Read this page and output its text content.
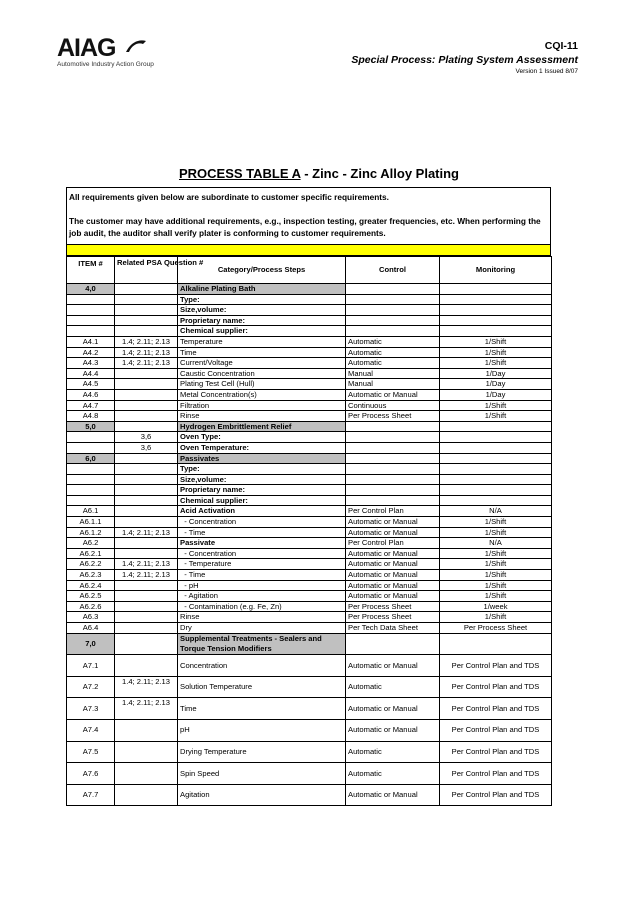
AIAG
Automotive Industry Action Group
CQI-11
Special Process: Plating System Assessment
Version 1 Issued 8/07
PROCESS TABLE A - Zinc - Zinc Alloy Plating

All requirements given below are subordinate to customer specific requirements.

The customer may have additional requirements, e.g., inspection testing, greater frequencies, etc. When performing the job audit, the auditor shall verify plater is conforming to customer requirements.

ITEM #	Related PSA Question #	Category/Process Steps	Control	Monitoring
4,0		Alkaline Plating Bath		
		Type:		
		Size,volume:		
		Proprietary name:		
		Chemical supplier:		
A4.1	1.4; 2.11; 2.13	Temperature	Automatic	1/Shift
A4.2	1.4; 2.11; 2.13	Time	Automatic	1/Shift
A4.3	1.4; 2.11; 2.13	Current/Voltage	Automatic	1/Shift
A4.4		Caustic Concentration	Manual	1/Day
A4.5		Plating Test Cell (Hull)	Manual	1/Day
A4.6		Metal Concentration(s)	Automatic or Manual	1/Day
A4.7		Filtration	Continuous	1/Shift
A4.8		Rinse	Per Process Sheet	1/Shift
5,0		Hydrogen Embrittlement Relief		
	3,6	Oven Type:		
	3,6	Oven Temperature:		
6,0		Passivates		
		Type:		
		Size,volume:		
		Proprietary name:		
		Chemical supplier:		
A6.1		Acid Activation	Per Control Plan	N/A
A6.1.1		- Concentration	Automatic or Manual	1/Shift
A6.1.2	1.4; 2.11; 2.13	- Time	Automatic or Manual	1/Shift
A6.2		Passivate	Per Control Plan	N/A
A6.2.1		- Concentration	Automatic or Manual	1/Shift
A6.2.2	1.4; 2.11; 2.13	- Temperature	Automatic or Manual	1/Shift
A6.2.3	1.4; 2.11; 2.13	- Time	Automatic or Manual	1/Shift
A6.2.4		- pH	Automatic or Manual	1/Shift
A6.2.5		- Agitation	Automatic or Manual	1/Shift
A6.2.6		- Contamination (e.g. Fe, Zn)	Per Process Sheet	1/week
A6.3		Rinse	Per Process Sheet	1/Shift
A6.4		Dry	Per Tech Data Sheet	Per Process Sheet
7,0		Supplemental Treatments - Sealers and Torque Tension Modifiers		
A7.1		Concentration	Automatic or Manual	Per Control Plan and TDS
A7.2	1.4; 2.11; 2.13	Solution Temperature	Automatic	Per Control Plan and TDS
A7.3	1.4; 2.11; 2.13	Time	Automatic or Manual	Per Control Plan and TDS
A7.4		pH	Automatic or Manual	Per Control Plan and TDS
A7.5		Drying Temperature	Automatic	Per Control Plan and TDS
A7.6		Spin Speed	Automatic	Per Control Plan and TDS
A7.7		Agitation	Automatic or Manual	Per Control Plan and TDS
